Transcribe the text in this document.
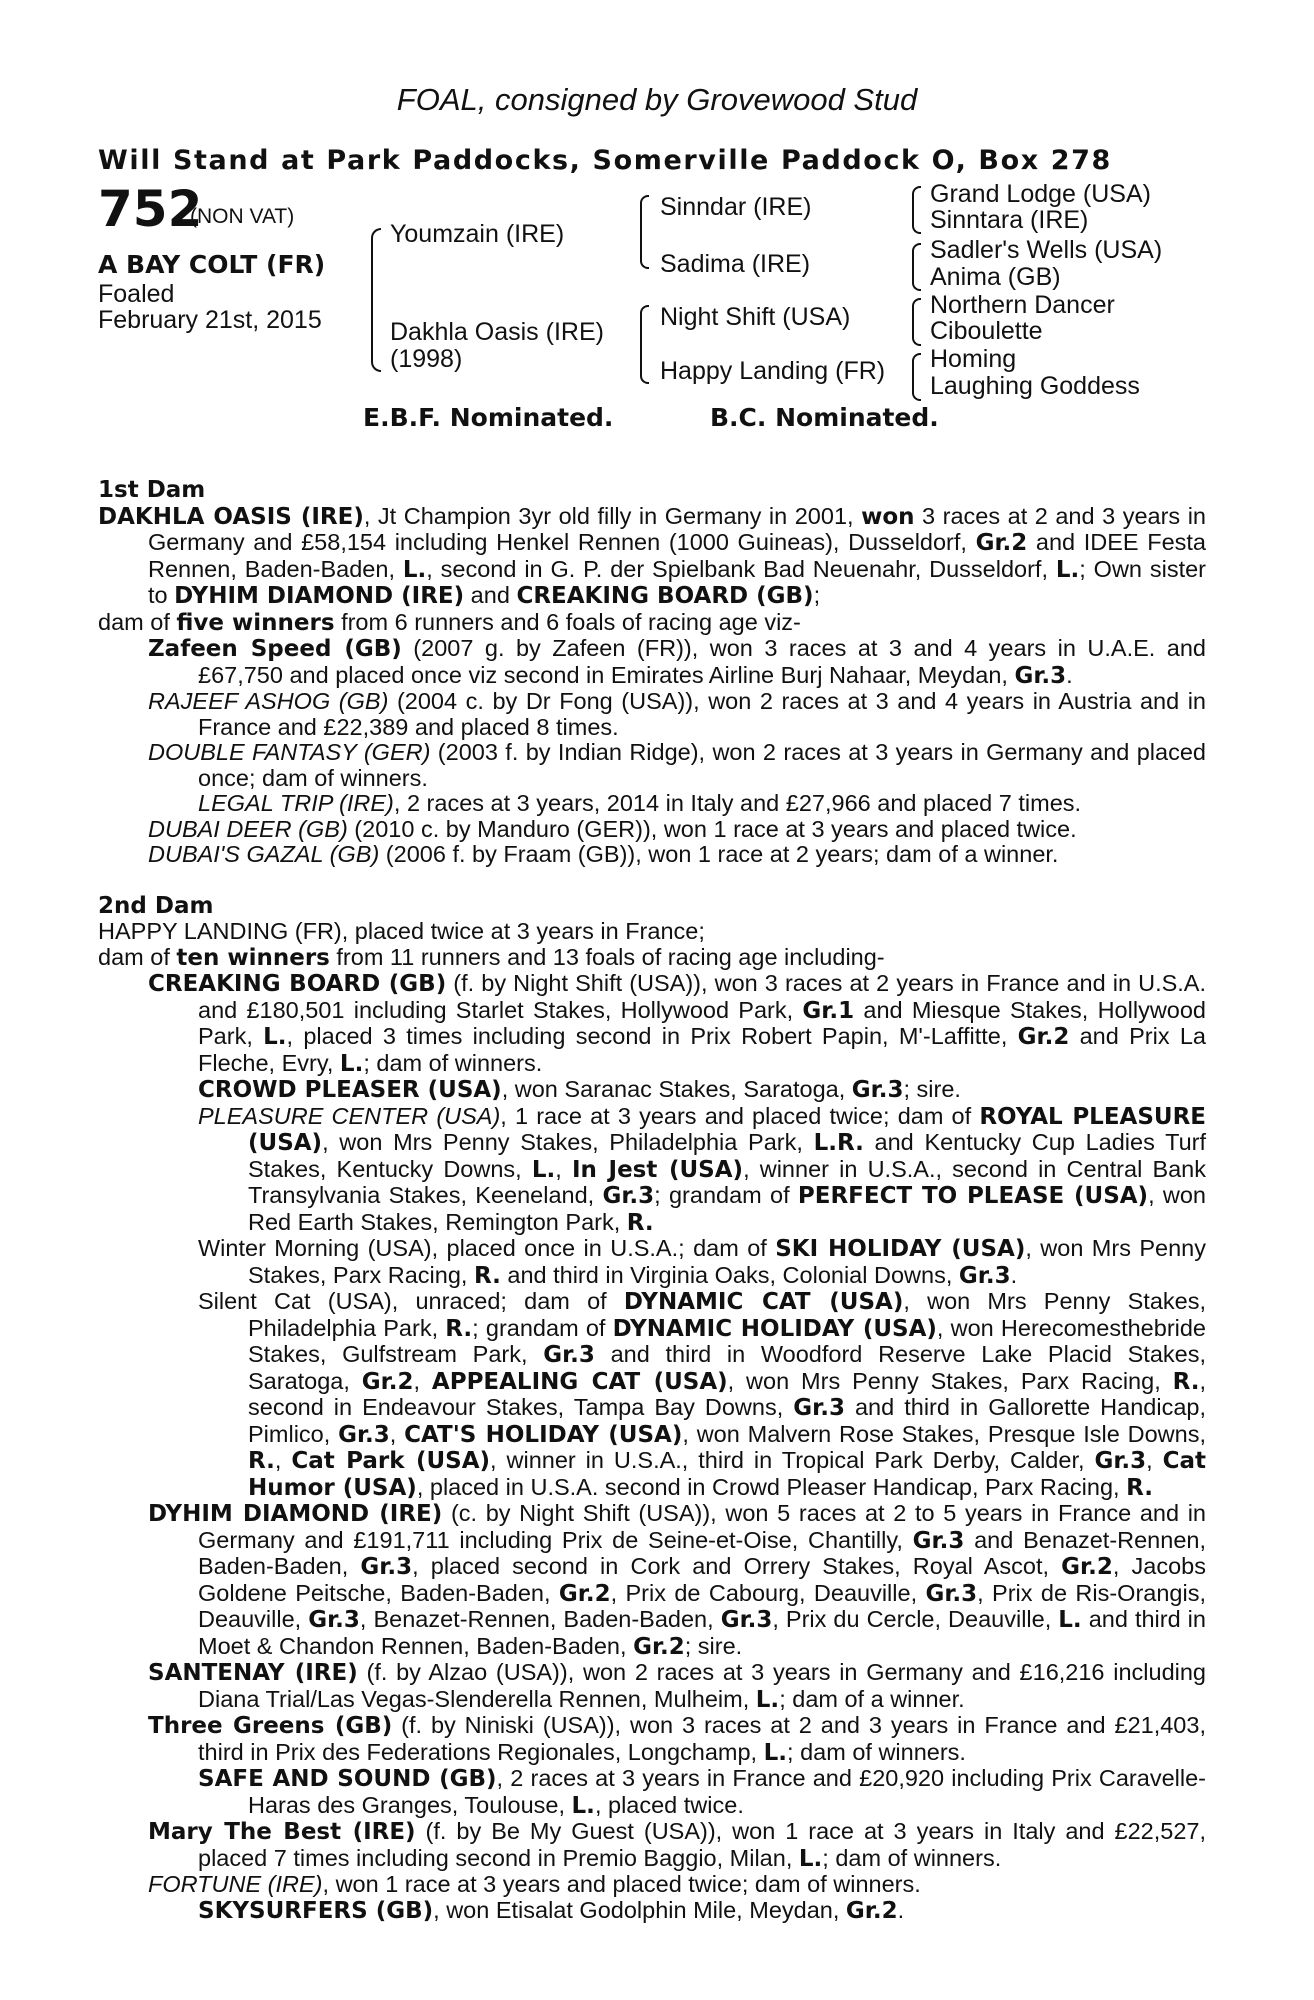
FOAL, consigned by Grovewood Stud
Will Stand at Park Paddocks, Somerville Paddock O, Box 278
752
(NON VAT)
A BAY COLT (FR)
Foaled
February 21st, 2015
Youmzain (IRE)
Dakhla Oasis (IRE)
(1998)
Sinndar (IRE)
Sadima (IRE)
Night Shift (USA)
Happy Landing (FR)
Grand Lodge (USA)
Sinntara (IRE)
Sadler's Wells (USA)
Anima (GB)
Northern Dancer
Ciboulette
Homing
Laughing Goddess
E.B.F. Nominated.	B.C. Nominated.

1st Dam

DAKHLA OASIS (IRE), Jt Champion 3yr old filly in Germany in 2001, won 3 races at 2 and 3 years in Germany and £58,154 including Henkel Rennen (1000 Guineas), Dusseldorf, Gr.2 and IDEE Festa Rennen, Baden-Baden, L., second in G. P. der Spielbank Bad Neuenahr, Dusseldorf, L.; Own sister to DYHIM DIAMOND (IRE) and CREAKING BOARD (GB);

dam of five winners from 6 runners and 6 foals of racing age viz-

Zafeen Speed (GB) (2007 g. by Zafeen (FR)), won 3 races at 3 and 4 years in U.A.E. and £67,750 and placed once viz second in Emirates Airline Burj Nahaar, Meydan, Gr.3.

RAJEEF ASHOG (GB) (2004 c. by Dr Fong (USA)), won 2 races at 3 and 4 years in Austria and in France and £22,389 and placed 8 times.

DOUBLE FANTASY (GER) (2003 f. by Indian Ridge), won 2 races at 3 years in Germany and placed once; dam of winners.

LEGAL TRIP (IRE), 2 races at 3 years, 2014 in Italy and £27,966 and placed 7 times.

DUBAI DEER (GB) (2010 c. by Manduro (GER)), won 1 race at 3 years and placed twice.

DUBAI'S GAZAL (GB) (2006 f. by Fraam (GB)), won 1 race at 2 years; dam of a winner.

2nd Dam

HAPPY LANDING (FR), placed twice at 3 years in France;

dam of ten winners from 11 runners and 13 foals of racing age including-

CREAKING BOARD (GB) (f. by Night Shift (USA)), won 3 races at 2 years in France and in U.S.A. and £180,501 including Starlet Stakes, Hollywood Park, Gr.1 and Miesque Stakes, Hollywood Park, L., placed 3 times including second in Prix Robert Papin, M'-Laffitte, Gr.2 and Prix La Fleche, Evry, L.; dam of winners.

CROWD PLEASER (USA), won Saranac Stakes, Saratoga, Gr.3; sire.

PLEASURE CENTER (USA), 1 race at 3 years and placed twice; dam of ROYAL PLEASURE (USA), won Mrs Penny Stakes, Philadelphia Park, L.R. and Kentucky Cup Ladies Turf Stakes, Kentucky Downs, L., In Jest (USA), winner in U.S.A., second in Central Bank Transylvania Stakes, Keeneland, Gr.3; grandam of PERFECT TO PLEASE (USA), won Red Earth Stakes, Remington Park, R.

Winter Morning (USA), placed once in U.S.A.; dam of SKI HOLIDAY (USA), won Mrs Penny Stakes, Parx Racing, R. and third in Virginia Oaks, Colonial Downs, Gr.3.

Silent Cat (USA), unraced; dam of DYNAMIC CAT (USA), won Mrs Penny Stakes, Philadelphia Park, R.; grandam of DYNAMIC HOLIDAY (USA), won Herecomesthebride Stakes, Gulfstream Park, Gr.3 and third in Woodford Reserve Lake Placid Stakes, Saratoga, Gr.2, APPEALING CAT (USA), won Mrs Penny Stakes, Parx Racing, R., second in Endeavour Stakes, Tampa Bay Downs, Gr.3 and third in Gallorette Handicap, Pimlico, Gr.3, CAT'S HOLIDAY (USA), won Malvern Rose Stakes, Presque Isle Downs, R., Cat Park (USA), winner in U.S.A., third in Tropical Park Derby, Calder, Gr.3, Cat Humor (USA), placed in U.S.A. second in Crowd Pleaser Handicap, Parx Racing, R.

DYHIM DIAMOND (IRE) (c. by Night Shift (USA)), won 5 races at 2 to 5 years in France and in Germany and £191,711 including Prix de Seine-et-Oise, Chantilly, Gr.3 and Benazet-Rennen, Baden-Baden, Gr.3, placed second in Cork and Orrery Stakes, Royal Ascot, Gr.2, Jacobs Goldene Peitsche, Baden-Baden, Gr.2, Prix de Cabourg, Deauville, Gr.3, Prix de Ris-Orangis, Deauville, Gr.3, Benazet-Rennen, Baden-Baden, Gr.3, Prix du Cercle, Deauville, L. and third in Moet & Chandon Rennen, Baden-Baden, Gr.2; sire.

SANTENAY (IRE) (f. by Alzao (USA)), won 2 races at 3 years in Germany and £16,216 including Diana Trial/Las Vegas-Slenderella Rennen, Mulheim, L.; dam of a winner.

Three Greens (GB) (f. by Niniski (USA)), won 3 races at 2 and 3 years in France and £21,403, third in Prix des Federations Regionales, Longchamp, L.; dam of winners.

SAFE AND SOUND (GB), 2 races at 3 years in France and £20,920 including Prix Caravelle-Haras des Granges, Toulouse, L., placed twice.

Mary The Best (IRE) (f. by Be My Guest (USA)), won 1 race at 3 years in Italy and £22,527, placed 7 times including second in Premio Baggio, Milan, L.; dam of winners.

FORTUNE (IRE), won 1 race at 3 years and placed twice; dam of winners.

SKYSURFERS (GB), won Etisalat Godolphin Mile, Meydan, Gr.2.
